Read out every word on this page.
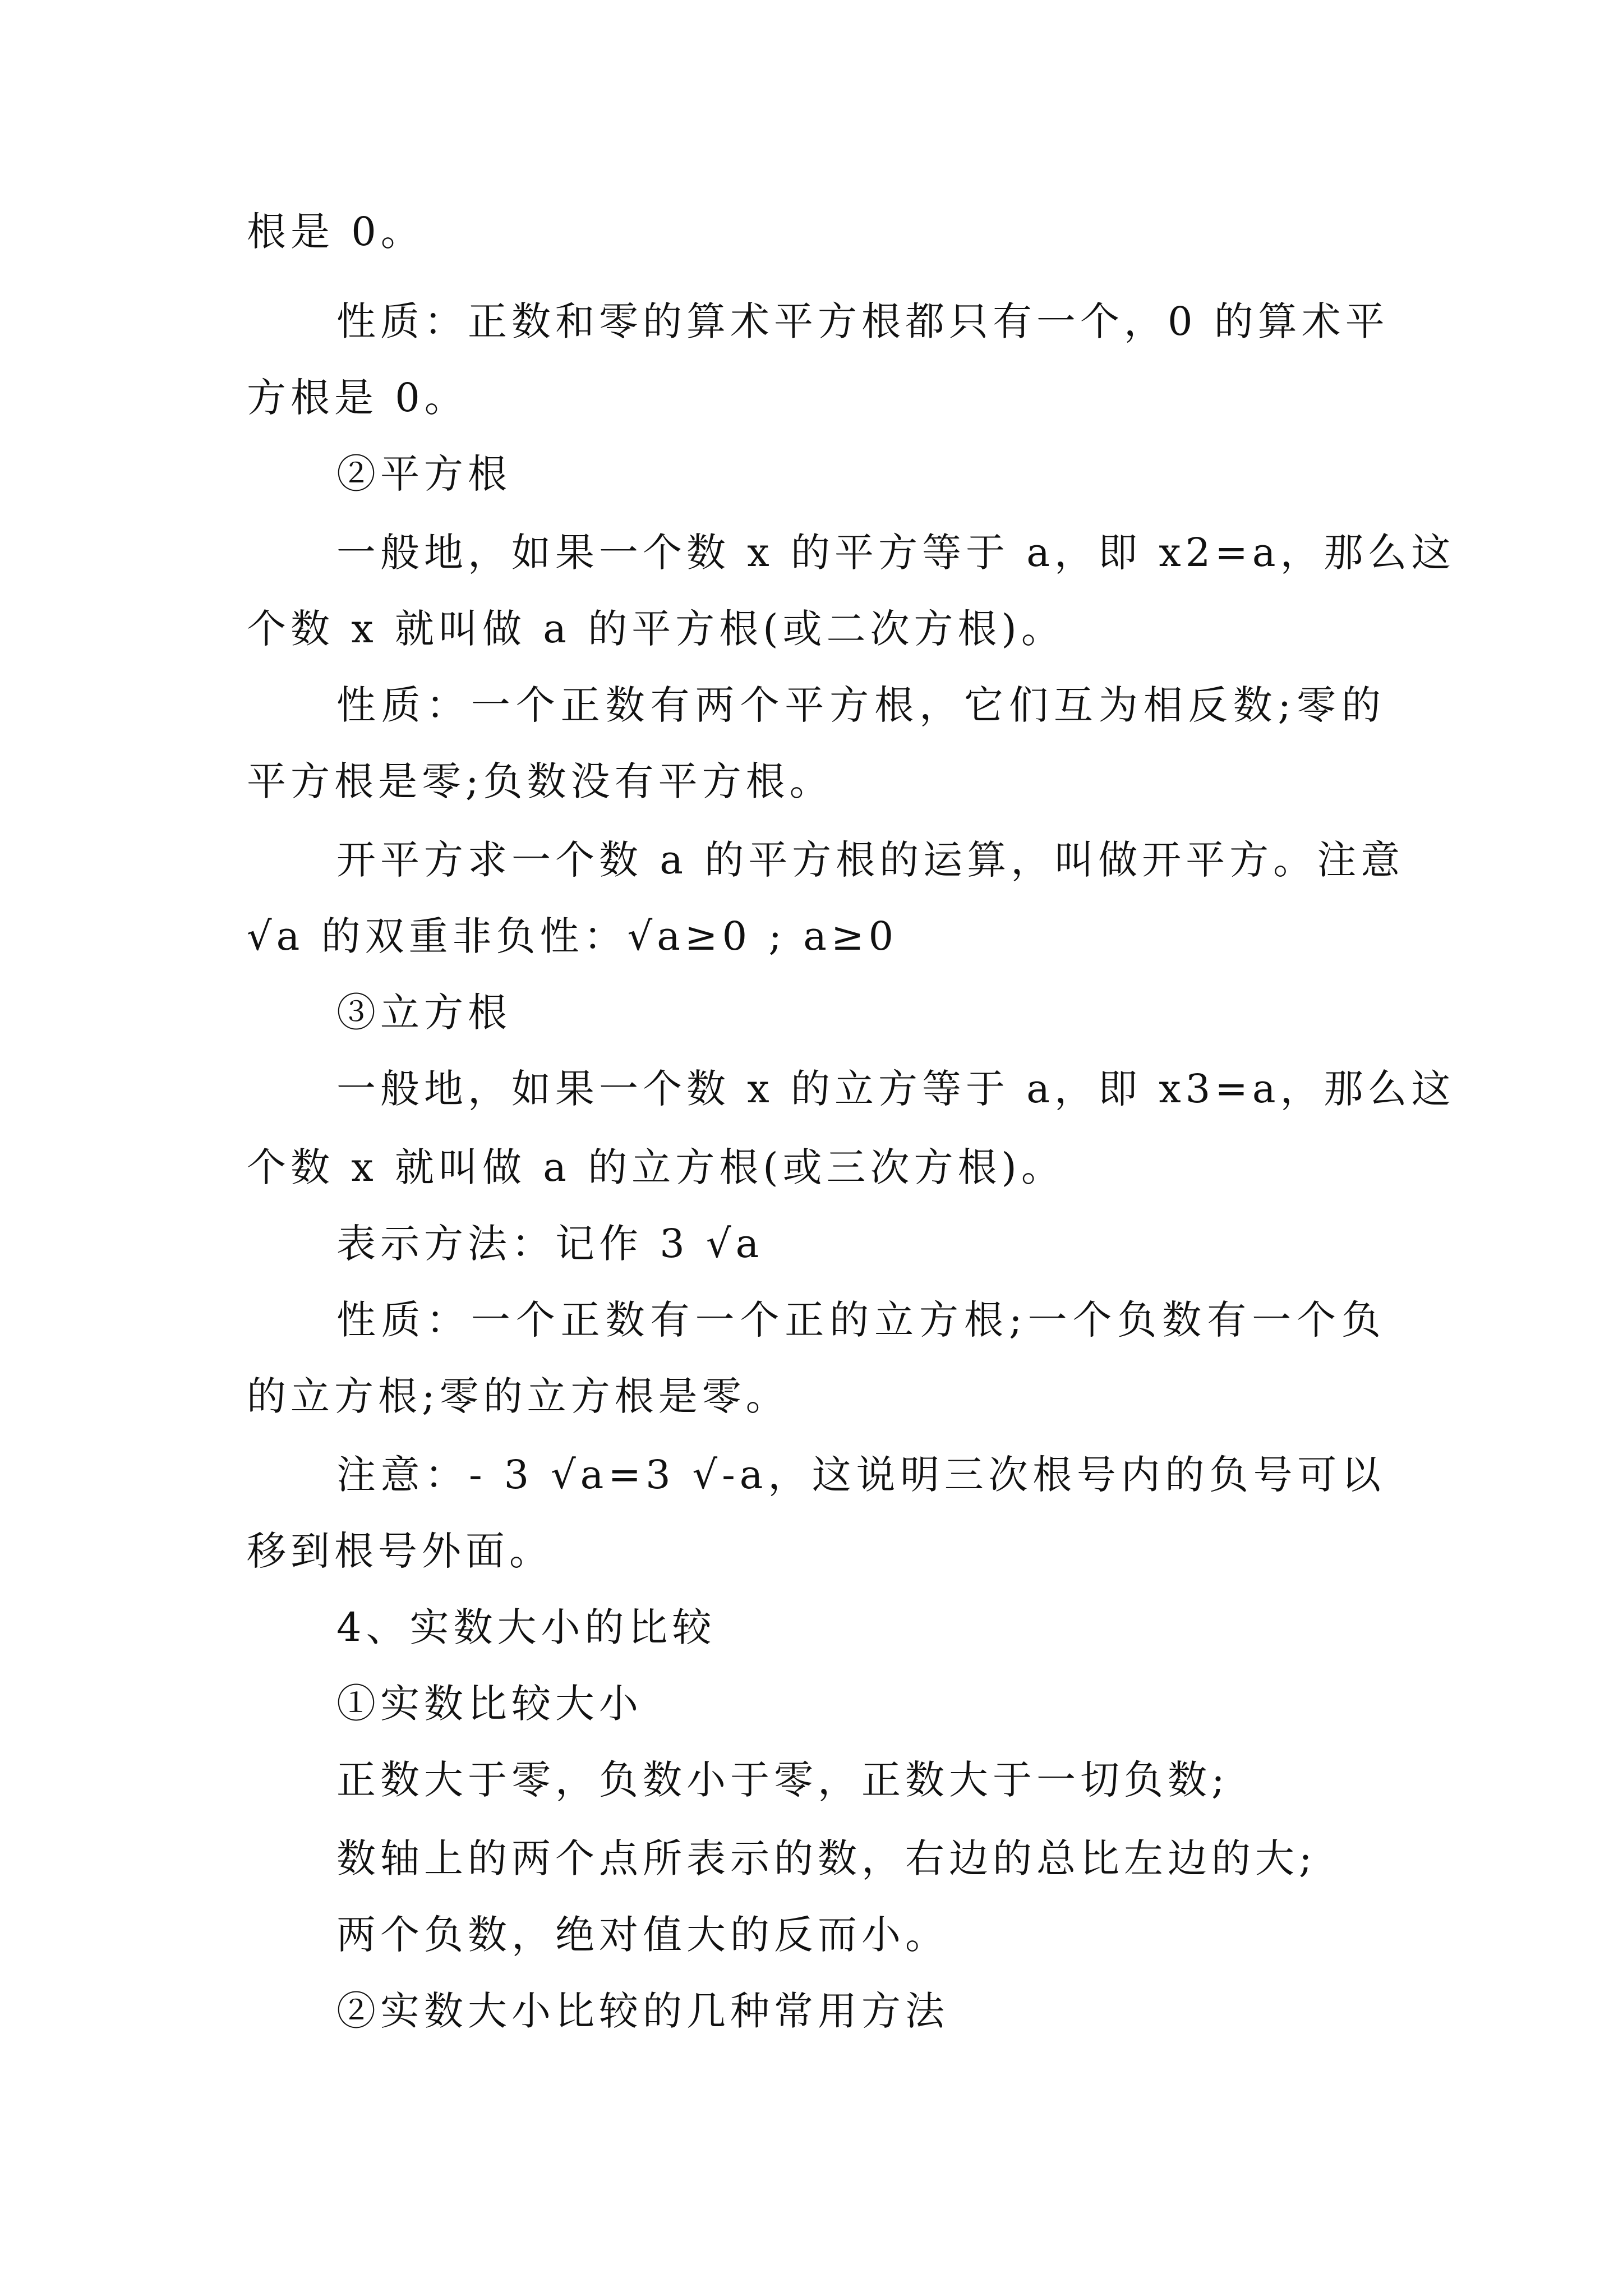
根是 0。
性质：正数和零的算术平方根都只有一个，0 的算术平
方根是 0。
②平方根
一般地，如果一个数 x 的平方等于 a，即 x2=a，那么这
个数 x 就叫做 a 的平方根(或二次方根)。
性质：一个正数有两个平方根，它们互为相反数;零的
平方根是零;负数没有平方根。
开平方求一个数 a 的平方根的运算，叫做开平方。注意
√a 的双重非负性：√a≥0 ; a≥0
③立方根
一般地，如果一个数 x 的立方等于 a，即 x3=a，那么这
个数 x 就叫做 a 的立方根(或三次方根)。
表示方法：记作 3 √a
性质：一个正数有一个正的立方根;一个负数有一个负
的立方根;零的立方根是零。
注意：- 3 √a=3 √-a，这说明三次根号内的负号可以
移到根号外面。
4、实数大小的比较
①实数比较大小
正数大于零，负数小于零，正数大于一切负数;
数轴上的两个点所表示的数，右边的总比左边的大;
两个负数，绝对值大的反而小。
②实数大小比较的几种常用方法
